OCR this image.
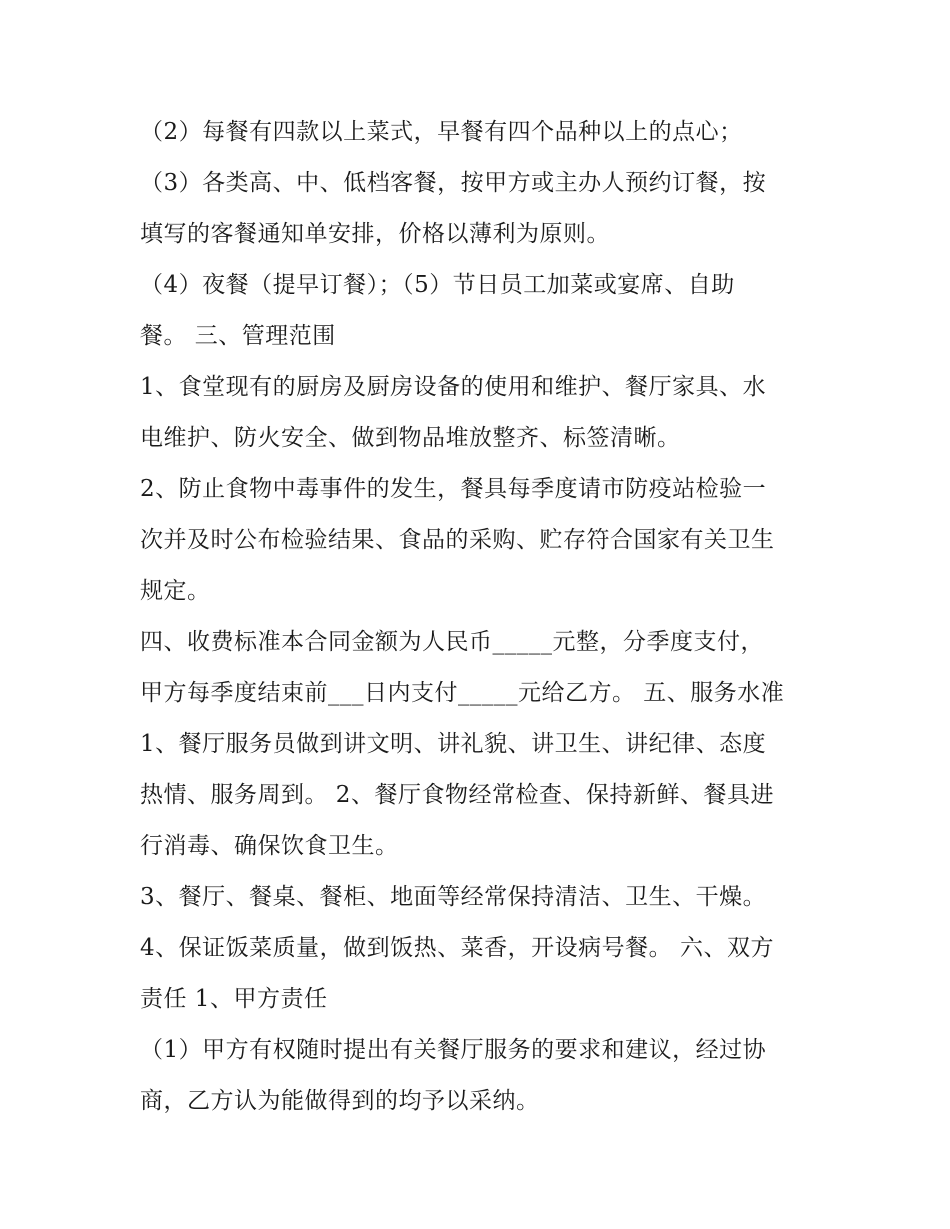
（2）每餐有四款以上菜式，早餐有四个品种以上的点心；
（3）各类高、中、低档客餐，按甲方或主办人预约订餐，按
填写的客餐通知单安排，价格以薄利为原则。
（4）夜餐（提早订餐）；（5）节日员工加菜或宴席、自助
餐。 三、管理范围
1、食堂现有的厨房及厨房设备的使用和维护、餐厅家具、水
电维护、防火安全、做到物品堆放整齐、标签清晰。
2、防止食物中毒事件的发生，餐具每季度请市防疫站检验一
次并及时公布检验结果、食品的采购、贮存符合国家有关卫生
规定。
四、收费标准本合同金额为人民币_____元整，分季度支付，
甲方每季度结束前___日内支付_____元给乙方。 五、服务水准
1、餐厅服务员做到讲文明、讲礼貌、讲卫生、讲纪律、态度
热情、服务周到。 2、餐厅食物经常检查、保持新鲜、餐具进
行消毒、确保饮食卫生。
3、餐厅、餐桌、餐柜、地面等经常保持清洁、卫生、干燥。
4、保证饭菜质量，做到饭热、菜香，开设病号餐。 六、双方
责任 1、甲方责任
（1）甲方有权随时提出有关餐厅服务的要求和建议，经过协
商，乙方认为能做得到的均予以采纳。
